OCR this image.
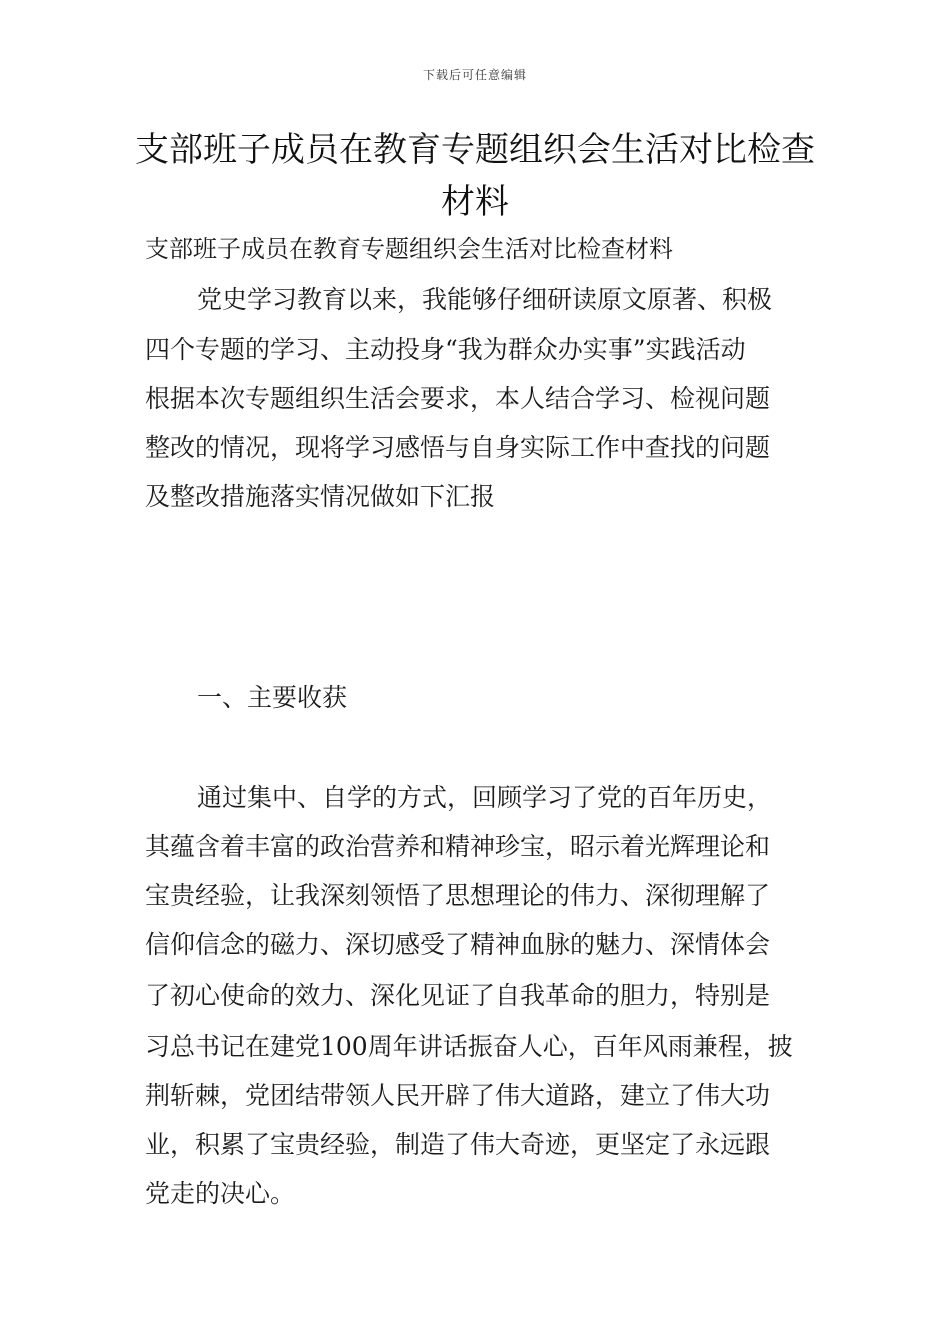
下载后可任意编辑
支部班子成员在教育专题组织会生活对比检查材料
支部班子成员在教育专题组织会生活对比检查材料
党史学习教育以来，我能够仔细研读原文原著、积极
四个专题的学习、主动投身“我为群众办实事”实践活动
根据本次专题组织生活会要求，本人结合学习、检视问题
整改的情况，现将学习感悟与自身实际工作中查找的问题
及整改措施落实情况做如下汇报
一、主要收获
通过集中、自学的方式，回顾学习了党的百年历史，
其蕴含着丰富的政治营养和精神珍宝，昭示着光辉理论和
宝贵经验，让我深刻领悟了思想理论的伟力、深彻理解了
信仰信念的磁力、深切感受了精神血脉的魅力、深情体会
了初心使命的效力、深化见证了自我革命的胆力，特别是
习总书记在建党100周年讲话振奋人心，百年风雨兼程，披
荆斩棘，党团结带领人民开辟了伟大道路，建立了伟大功
业，积累了宝贵经验，制造了伟大奇迹，更坚定了永远跟
党走的决心。
